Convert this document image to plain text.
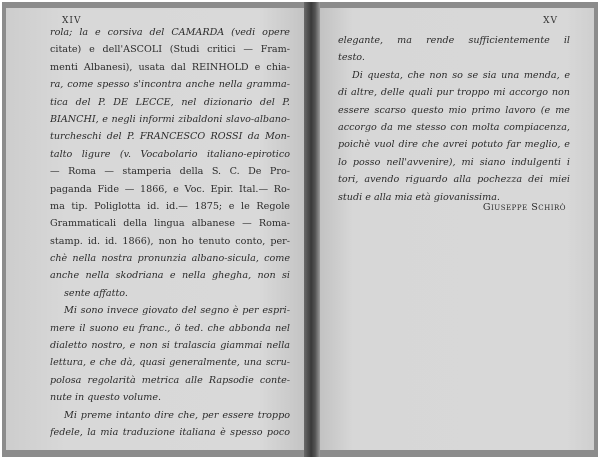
XIV
rola; la e corsiva del CAMARDA (vedi opere
citate) e dell'ASCOLI (Studi critici — Fram-
menti Albanesi), usata dal REINHOLD e chia-
ra, come spesso s'incontra anche nella gramma-
tica del P. DE LECCE, nel dizionario del P.
BIANCHI, e negli informi zibaldoni slavo-albano-
turcheschi del P. FRANCESCO ROSSI da Mon-
talto ligure (v. Vocabolario italiano-epirotico
— Roma — stamperia della S. C. De Pro-
paganda Fide — 1866, e Voc. Epir. Ital.— Ro-
ma tip. Poliglotta id. id.— 1875; e le Regole
Grammaticali della lingua albanese — Roma-
stamp. id. id. 1866), non ho tenuto conto, per-
chè nella nostra pronunzia albano-sicula, come
anche nella skodriana e nella ghegha, non si
sente affatto.
Mi sono invece giovato del segno è per espri-
mere il suono eu franc., ö ted. che abbonda nel
dialetto nostro, e non si tralascia giammai nella
lettura, e che dà, quasi generalmente, una scru-
polosa regolarità metrica alle Rapsodie conte-
nute in questo volume.
Mi preme intanto dire che, per essere troppo
fedele, la mia traduzione italiana è spesso poco
XV
elegante, ma rende sufficientemente il
testo.
Di questa, che non so se sia una menda, e
di altre, delle quali pur troppo mi accorgo non
essere scarso questo mio primo lavoro (e me
accorgo da me stesso con molta compiacenza,
poichè vuol dire che avrei potuto far meglio, e
lo posso nell'avvenire), mi siano indulgenti i
tori, avendo riguardo alla pochezza dei miei
studi e alla mia età giovanissima.
Giuseppe Schirò
